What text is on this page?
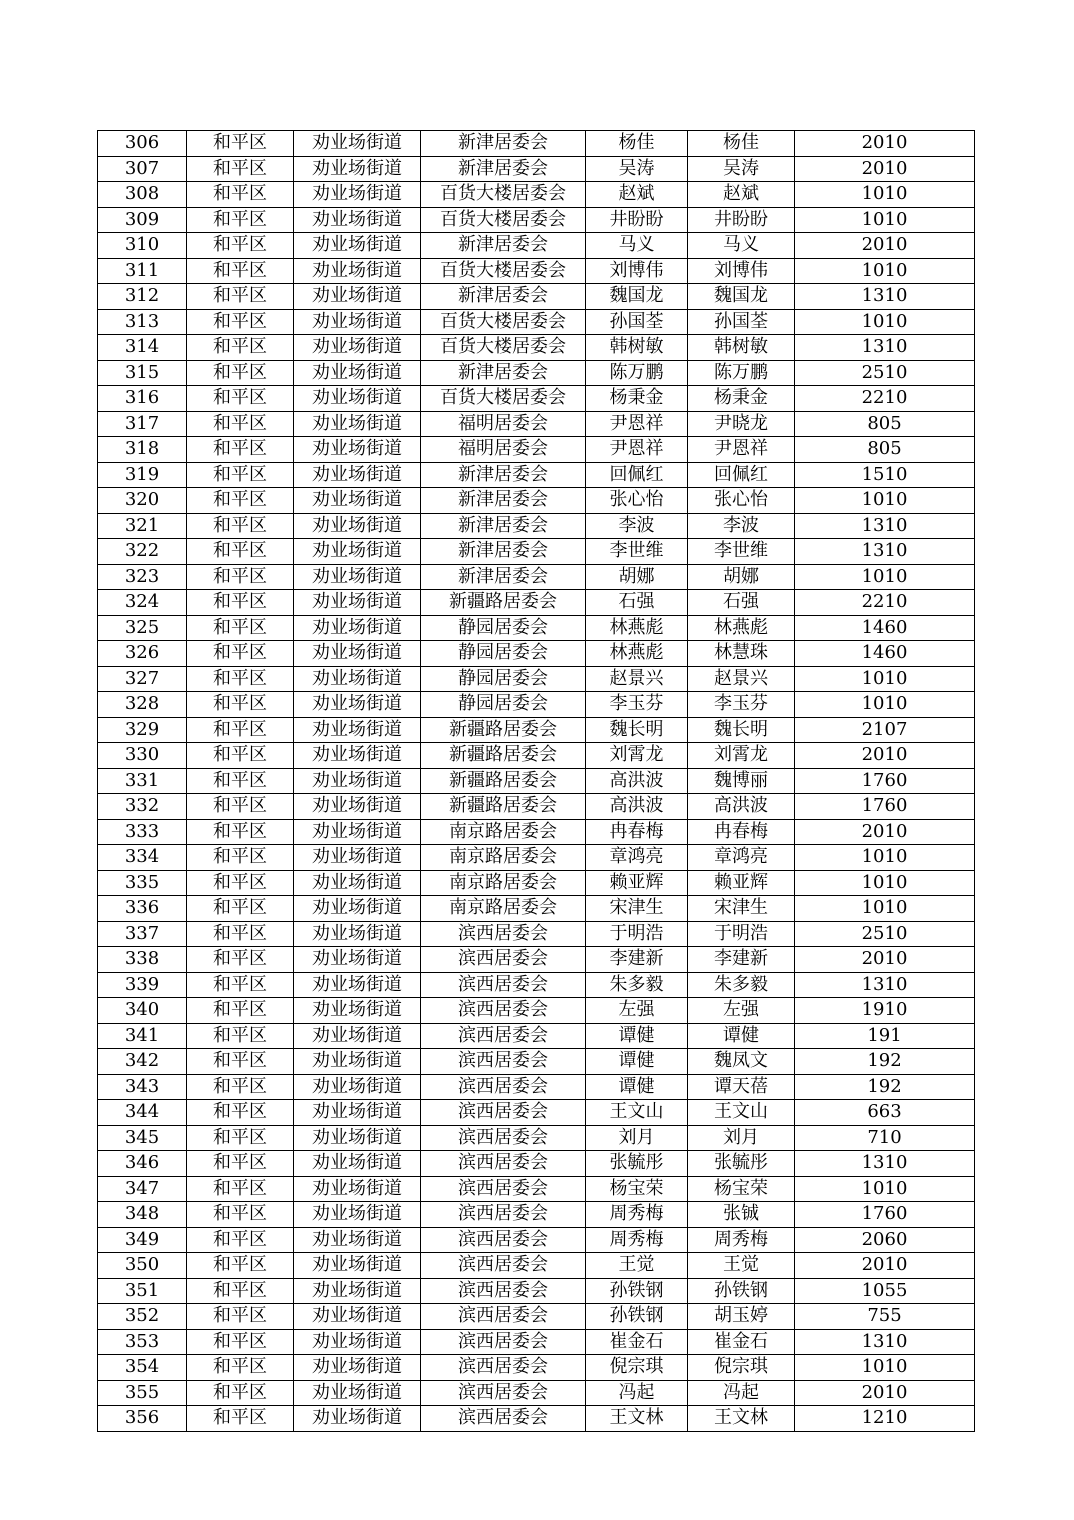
306	和平区	劝业场街道	新津居委会	杨佳	杨佳	2010
307	和平区	劝业场街道	新津居委会	吴涛	吴涛	2010
308	和平区	劝业场街道	百货大楼居委会	赵斌	赵斌	1010
309	和平区	劝业场街道	百货大楼居委会	井盼盼	井盼盼	1010
310	和平区	劝业场街道	新津居委会	马义	马义	2010
311	和平区	劝业场街道	百货大楼居委会	刘博伟	刘博伟	1010
312	和平区	劝业场街道	新津居委会	魏国龙	魏国龙	1310
313	和平区	劝业场街道	百货大楼居委会	孙国荃	孙国荃	1010
314	和平区	劝业场街道	百货大楼居委会	韩树敏	韩树敏	1310
315	和平区	劝业场街道	新津居委会	陈万鹏	陈万鹏	2510
316	和平区	劝业场街道	百货大楼居委会	杨秉金	杨秉金	2210
317	和平区	劝业场街道	福明居委会	尹恩祥	尹晓龙	805
318	和平区	劝业场街道	福明居委会	尹恩祥	尹恩祥	805
319	和平区	劝业场街道	新津居委会	回佩红	回佩红	1510
320	和平区	劝业场街道	新津居委会	张心怡	张心怡	1010
321	和平区	劝业场街道	新津居委会	李波	李波	1310
322	和平区	劝业场街道	新津居委会	李世维	李世维	1310
323	和平区	劝业场街道	新津居委会	胡娜	胡娜	1010
324	和平区	劝业场街道	新疆路居委会	石强	石强	2210
325	和平区	劝业场街道	静园居委会	林燕彪	林燕彪	1460
326	和平区	劝业场街道	静园居委会	林燕彪	林慧珠	1460
327	和平区	劝业场街道	静园居委会	赵景兴	赵景兴	1010
328	和平区	劝业场街道	静园居委会	李玉芬	李玉芬	1010
329	和平区	劝业场街道	新疆路居委会	魏长明	魏长明	2107
330	和平区	劝业场街道	新疆路居委会	刘霄龙	刘霄龙	2010
331	和平区	劝业场街道	新疆路居委会	高洪波	魏博丽	1760
332	和平区	劝业场街道	新疆路居委会	高洪波	高洪波	1760
333	和平区	劝业场街道	南京路居委会	冉春梅	冉春梅	2010
334	和平区	劝业场街道	南京路居委会	章鸿亮	章鸿亮	1010
335	和平区	劝业场街道	南京路居委会	赖亚辉	赖亚辉	1010
336	和平区	劝业场街道	南京路居委会	宋津生	宋津生	1010
337	和平区	劝业场街道	滨西居委会	于明浩	于明浩	2510
338	和平区	劝业场街道	滨西居委会	李建新	李建新	2010
339	和平区	劝业场街道	滨西居委会	朱多毅	朱多毅	1310
340	和平区	劝业场街道	滨西居委会	左强	左强	1910
341	和平区	劝业场街道	滨西居委会	谭健	谭健	191
342	和平区	劝业场街道	滨西居委会	谭健	魏凤文	192
343	和平区	劝业场街道	滨西居委会	谭健	谭天蓓	192
344	和平区	劝业场街道	滨西居委会	王文山	王文山	663
345	和平区	劝业场街道	滨西居委会	刘月	刘月	710
346	和平区	劝业场街道	滨西居委会	张毓彤	张毓彤	1310
347	和平区	劝业场街道	滨西居委会	杨宝荣	杨宝荣	1010
348	和平区	劝业场街道	滨西居委会	周秀梅	张铖	1760
349	和平区	劝业场街道	滨西居委会	周秀梅	周秀梅	2060
350	和平区	劝业场街道	滨西居委会	王觉	王觉	2010
351	和平区	劝业场街道	滨西居委会	孙铁钢	孙铁钢	1055
352	和平区	劝业场街道	滨西居委会	孙铁钢	胡玉婷	755
353	和平区	劝业场街道	滨西居委会	崔金石	崔金石	1310
354	和平区	劝业场街道	滨西居委会	倪宗琪	倪宗琪	1010
355	和平区	劝业场街道	滨西居委会	冯起	冯起	2010
356	和平区	劝业场街道	滨西居委会	王文林	王文林	1210
